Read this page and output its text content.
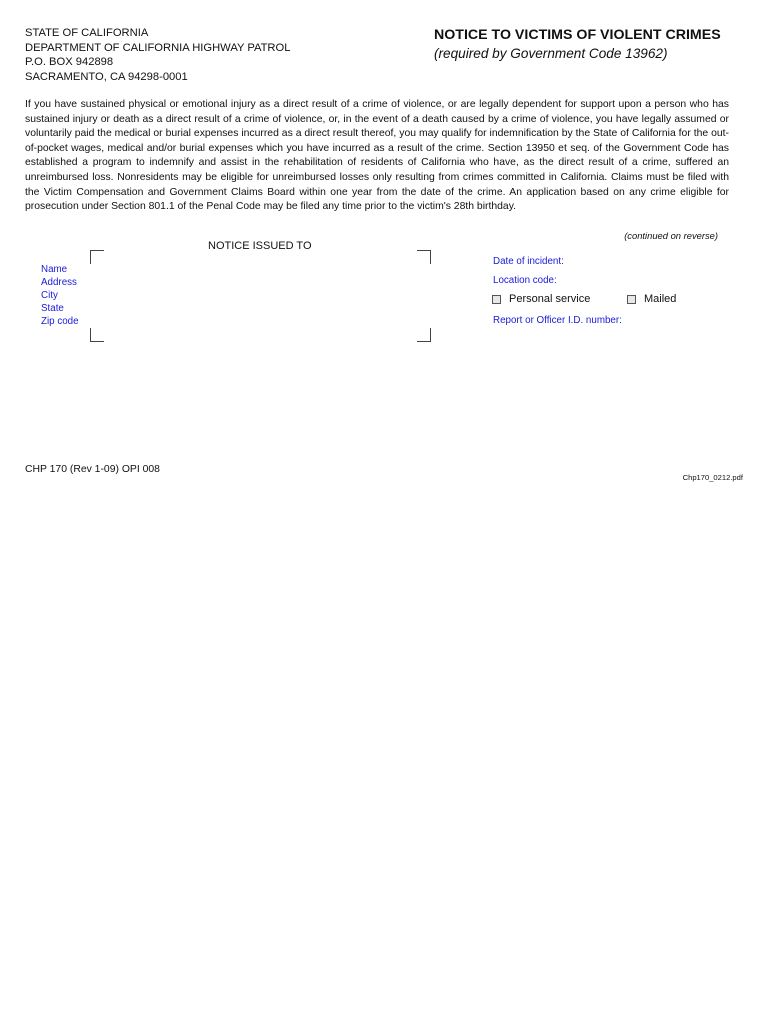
STATE OF CALIFORNIA
DEPARTMENT OF CALIFORNIA HIGHWAY PATROL
P.O. BOX 942898
SACRAMENTO, CA 94298-0001
NOTICE TO VICTIMS OF VIOLENT CRIMES
(required by Government Code 13962)
If you have sustained physical or emotional injury as a direct result of a crime of violence, or are legally dependent for support upon a person who has sustained injury or death as a direct result of a crime of violence, or, in the event of a death caused by a crime of violence, you have legally assumed or voluntarily paid the medical or burial expenses incurred as a direct result thereof, you may qualify for indemnification by the State of California for the out-of-pocket wages, medical and/or burial expenses which you have incurred as a result of the crime. Section 13950 et seq. of the Government Code has established a program to indemnify and assist in the rehabilitation of residents of California who have, as the direct result of a crime, suffered an unreimbursed loss. Nonresidents may be eligible for unreimbursed losses only resulting from crimes committed in California. Claims must be filed with the Victim Compensation and Government Claims Board within one year from the date of the crime. An application based on any crime eligible for prosecution under Section 801.1 of the Penal Code may be filed any time prior to the victim's 28th birthday.
(continued on reverse)
NOTICE ISSUED TO
Name
Address
City
State
Zip code
Date of incident:
Location code:
Personal service	Mailed
Report or Officer I.D. number:
CHP 170 (Rev 1-09) OPI 008
Chp170_0212.pdf
